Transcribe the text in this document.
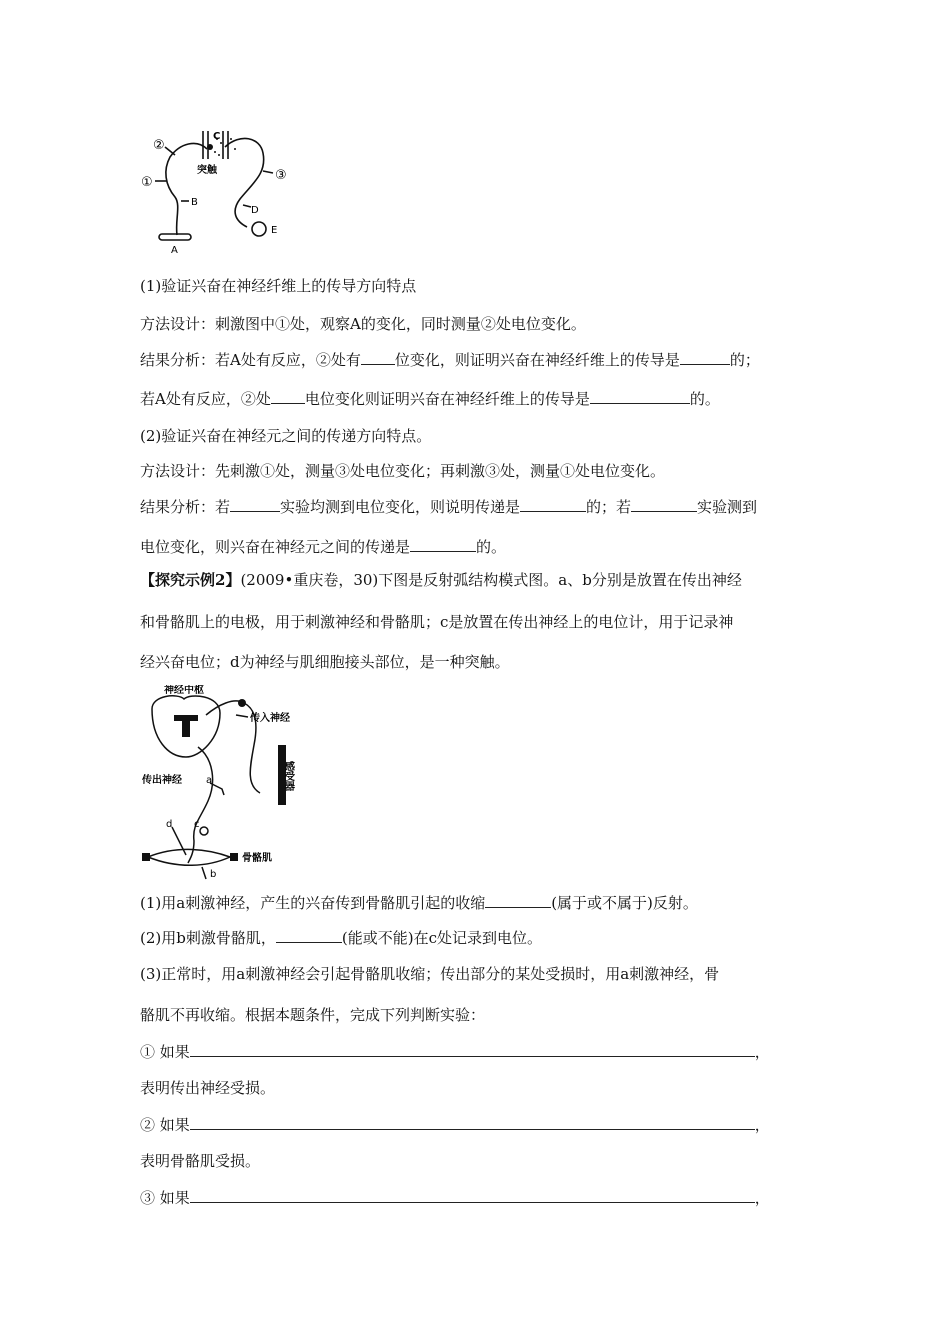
②
①	③
C
B
A
D
E
突触
(1)验证兴奋在神经纤维上的传导方向特点
方法设计：刺激图中①处，观察A的变化，同时测量②处电位变化。
结果分析：若A处有反应，②处有 位变化，则证明兴奋在神经纤维上的传导是	的；
若A处有反应，②处 电位变化则证明兴奋在神经纤维上的传导是	的。
(2)验证兴奋在神经元之间的传递方向特点。
方法设计：先刺激①处，测量③处电位变化；再刺激③处，测量①处电位变化。
结果分析：若	实验均测到电位变化，则说明传递是	的；若	实验测到
电位变化，则兴奋在神经元之间的传递是	的。
【探究示例2】(2009•重庆卷，30)下图是反射弧结构模式图。a、b分别是放置在传出神经
和骨骼肌上的电极，用于刺激神经和骨骼肌；c是放置在传出神经上的电位计，用于记录神
经兴奋电位；d为神经与肌细胞接头部位，是一种突触。
神经中枢
传入神经
传出神经	感受器
骨骼肌
a
b
c
d
(1)用a刺激神经，产生的兴奋传到骨骼肌引起的收缩	(属于或不属于)反射。
(2)用b刺激骨骼肌，	(能或不能)在c处记录到电位。
(3)正常时，用a刺激神经会引起骨骼肌收缩；传出部分的某处受损时，用a刺激神经，骨
骼肌不再收缩。根据本题条件，完成下列判断实验：
① 如果	，
表明传出神经受损。
② 如果	，
表明骨骼肌受损。
③ 如果	，
